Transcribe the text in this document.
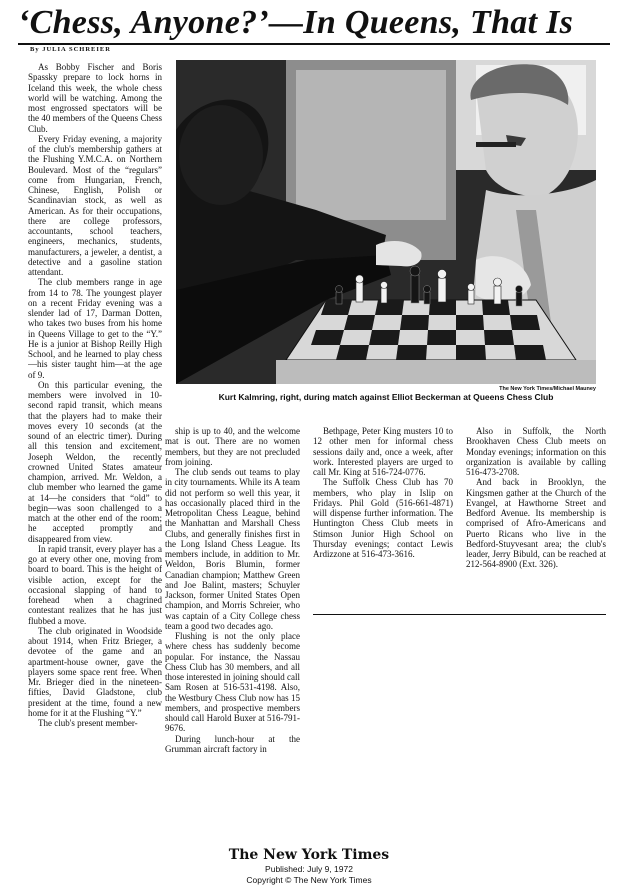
‘Chess, Anyone?’—In Queens, That Is
By JULIA SCHREIER

As Bobby Fischer and Boris Spassky prepare to lock horns in Iceland this week, the whole chess world will be watching. Among the most engrossed spectators will be the 40 members of the Queens Chess Club.

Every Friday evening, a majority of the club's membership gathers at the Flushing Y.M.C.A. on Northern Boulevard. Most of the “regulars” come from Hungarian, French, Chinese, English, Polish or Scandinavian stock, as well as American. As for their occupations, there are college professors, accountants, school teachers, engineers, mechanics, students, manufacturers, a jeweler, a dentist, a detective and a gasoline station attendant.

The club members range in age from 14 to 78. The youngest player on a recent Friday evening was a slender lad of 17, Darman Dotten, who takes two buses from his home in Queens Village to get to the “Y.” He is a junior at Bishop Reilly High School, and he learned to play chess—his sister taught him—at the age of 9.

On this particular evening, the members were involved in 10-second rapid transit, which means that the players had to make their moves every 10 seconds (at the sound of an electric timer). During all this tension and excitement, Joseph Weldon, the recently crowned United States amateur champion, arrived. Mr. Weldon, a club member who learned the game at 14—he considers that “old” to begin—was soon challenged to a match at the other end of the room; he accepted promptly and disappeared from view.

In rapid transit, every player has a go at every other one, moving from board to board. This is the height of visible action, except for the occasional slapping of hand to forehead when a chagrined contestant realizes that he has just flubbed a move.

The club originated in Woodside about 1914, when Fritz Brieger, a devotee of the game and an apartment-house owner, gave the players some space rent free. When Mr. Brieger died in the nineteen-fifties, David Gladstone, club president at the time, found a new home for it at the Flushing “Y.”

The club's present member-

The New York Times/Michael Mauney
Kurt Kalmring, right, during match against Elliot Beckerman at Queens Chess Club

ship is up to 40, and the welcome mat is out. There are no women members, but they are not precluded from joining.

The club sends out teams to play in city tournaments. While its A team did not perform so well this year, it has occasionally placed third in the Metropolitan Chess League, behind the Manhattan and Marshall Chess Clubs, and generally finishes first in the Long Island Chess League. Its members include, in addition to Mr. Weldon, Boris Blumin, former Canadian champion; Matthew Green and Joe Balint, masters; Schuyler Jackson, former United States Open champion, and Morris Schreier, who was captain of a City College chess team a good two decades ago.

Flushing is not the only place where chess has suddenly become popular. For instance, the Nassau Chess Club has 30 members, and all those interested in joining should call Sam Rosen at 516-531-4198. Also, the Westbury Chess Club now has 15 members, and prospective members should call Harold Buxer at 516-791-9676.

During lunch-hour at the Grumman aircraft factory in

Bethpage, Peter King musters 10 to 12 other men for informal chess sessions daily and, once a week, after work. Interested players are urged to call Mr. King at 516-724-0776.

The Suffolk Chess Club has 70 members, who play in Islip on Fridays. Phil Gold (516-661-4871) will dispense further information. The Huntington Chess Club meets in Stimson Junior High School on Thursday evenings; contact Lewis Ardizzone at 516-473-3616.

Also in Suffolk, the North Brookhaven Chess Club meets on Monday evenings; information on this organization is available by calling 516-473-2708.

And back in Brooklyn, the Kingsmen gather at the Church of the Evangel, at Hawthorne Street and Bedford Avenue. Its membership is comprised of Afro-Americans and Puerto Ricans who live in the Bedford-Stuyvesant area; the club's leader, Jerry Bibuld, can be reached at 212-564-8900 (Ext. 326).

The New York Times
Published: July 9, 1972
Copyright © The New York Times
